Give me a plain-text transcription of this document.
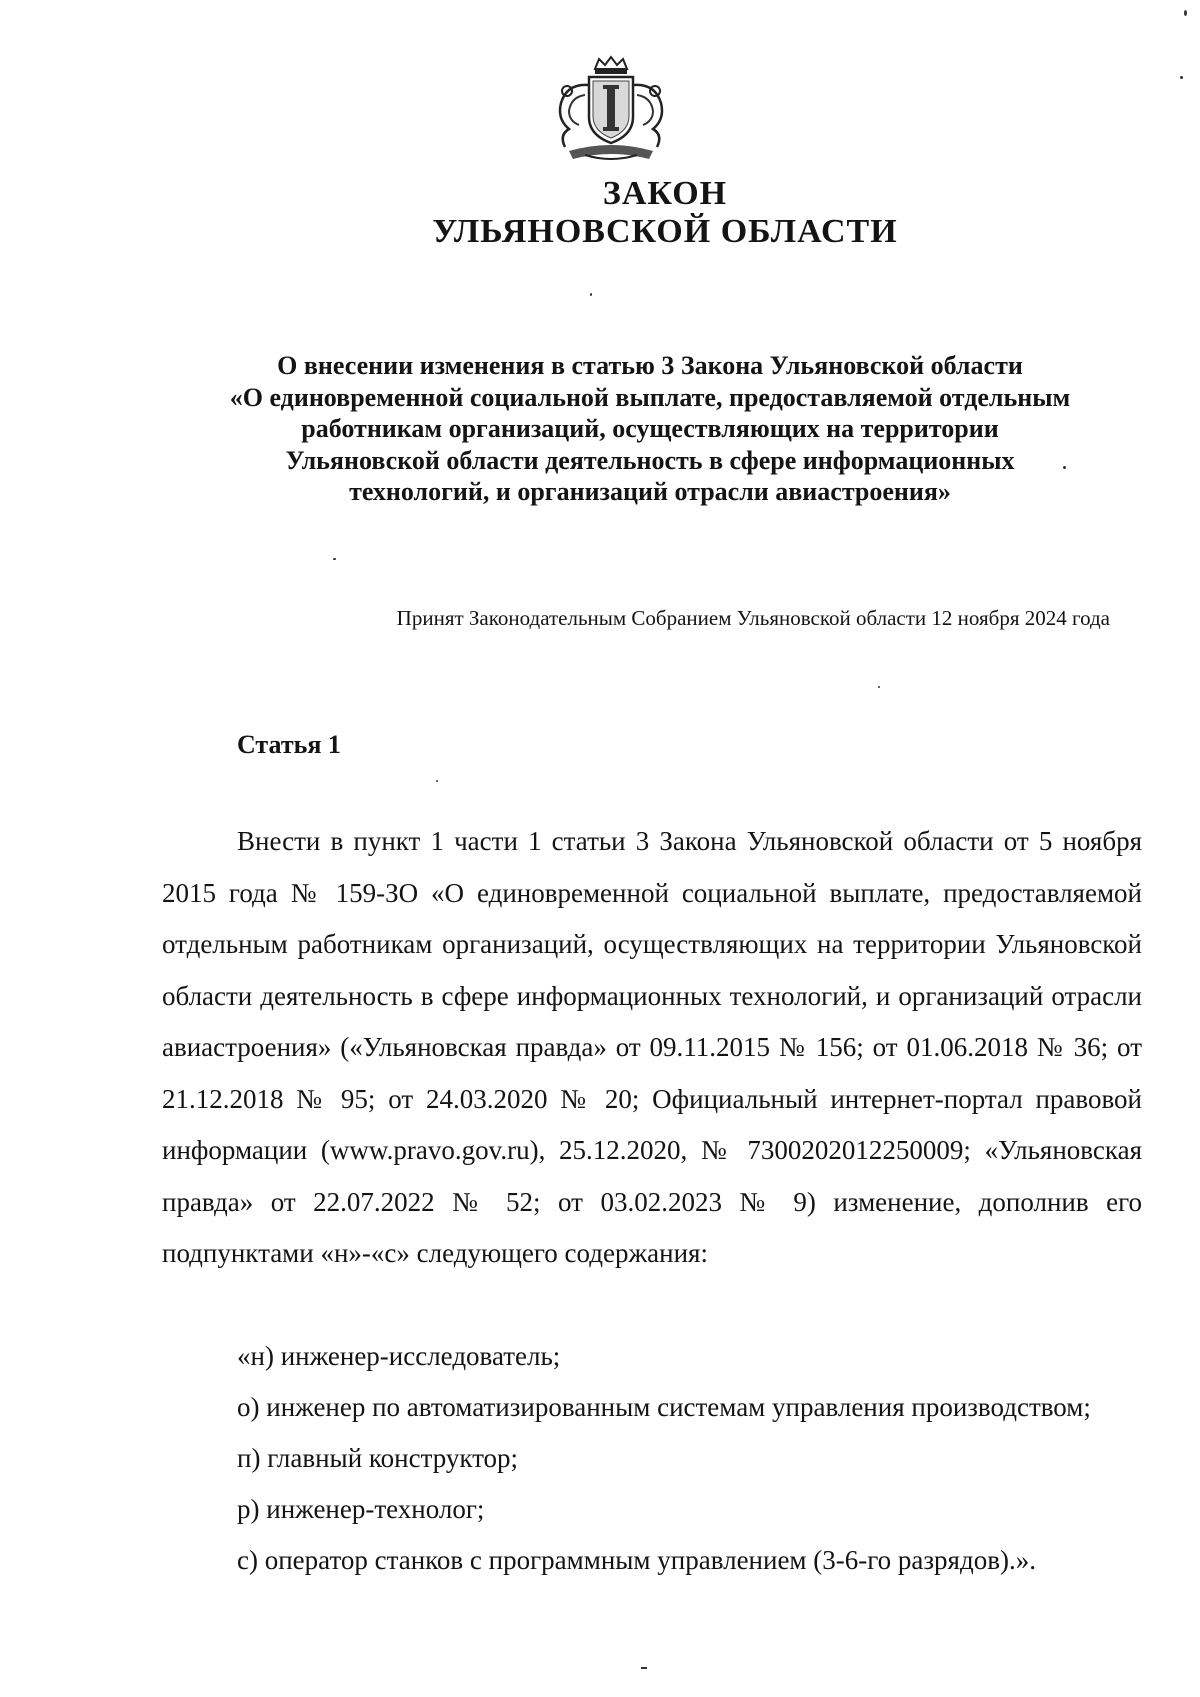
ЗАКОН
УЛЬЯНОВСКОЙ ОБЛАСТИ
О внесении изменения в статью 3 Закона Ульяновской области
«О единовременной социальной выплате, предоставляемой отдельным
работникам организаций, осуществляющих на территории
Ульяновской области деятельность в сфере информационных
технологий, и организаций отрасли авиастроения»
Принят Законодательным Собранием Ульяновской области 12 ноября 2024 года
Статья 1
Внести в пункт 1 части 1 статьи 3 Закона Ульяновской области от 5 ноября 2015 года № 159-ЗО «О единовременной социальной выплате, предоставляемой отдельным работникам организаций, осуществляющих на территории Ульяновской области деятельность в сфере информационных технологий, и организаций отрасли авиастроения» («Ульяновская правда» от 09.11.2015 № 156; от 01.06.2018 № 36; от 21.12.2018 № 95; от 24.03.2020 № 20; Официальный интернет-портал правовой информации (www.pravo.gov.ru), 25.12.2020, № 7300202012250009; «Ульяновская правда» от 22.07.2022 № 52; от 03.02.2023 № 9) изменение, дополнив его подпунктами «н»-«с» следующего содержания:
«н) инженер-исследователь;
о) инженер по автоматизированным системам управления производством;
п) главный конструктор;
р) инженер-технолог;
с) оператор станков с программным управлением (3-6-го разрядов).».
